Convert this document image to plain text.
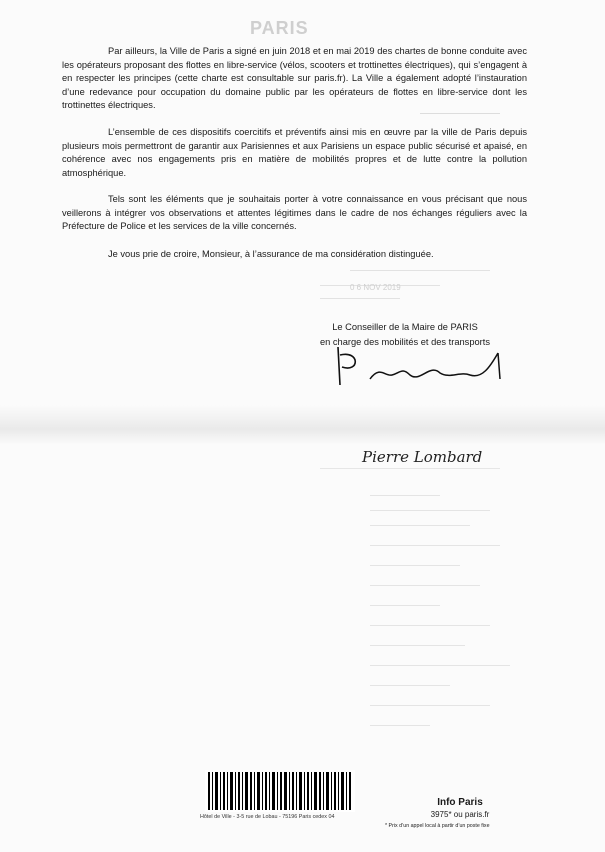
PARIS

Par ailleurs, la Ville de Paris a signé en juin 2018 et en mai 2019 des chartes de bonne conduite avec les opérateurs proposant des flottes en libre-service (vélos, scooters et trottinettes électriques), qui s’engagent à en respecter les principes (cette charte est consultable sur paris.fr). La Ville a également adopté l’instauration d’une redevance pour occupation du domaine public par les opérateurs de flottes en libre-service dont les trottinettes électriques.

L’ensemble de ces dispositifs coercitifs et préventifs ainsi mis en œuvre par la ville de Paris depuis plusieurs mois permettront de garantir aux Parisiennes et aux Parisiens un espace public sécurisé et apaisé, en cohérence avec nos engagements pris en matière de mobilités propres et de lutte contre la pollution atmosphérique.

Tels sont les éléments que je souhaitais porter à votre connaissance en vous précisant que nous veillerons à intégrer vos observations et attentes légitimes dans le cadre de nos échanges réguliers avec la Préfecture de Police et les services de la ville concernés.

Je vous prie de croire, Monsieur, à l’assurance de ma considération distinguée.

0 6 NOV 2019
Le Conseiller de la Maire de PARIS
en charge des mobilités et des transports
Pierre Lombard
Hôtel de Ville - 3-5 rue de Lobau - 75196 Paris cedex 04
Info Paris
3975* ou paris.fr
* Prix d’un appel local à partir d’un poste fixe
